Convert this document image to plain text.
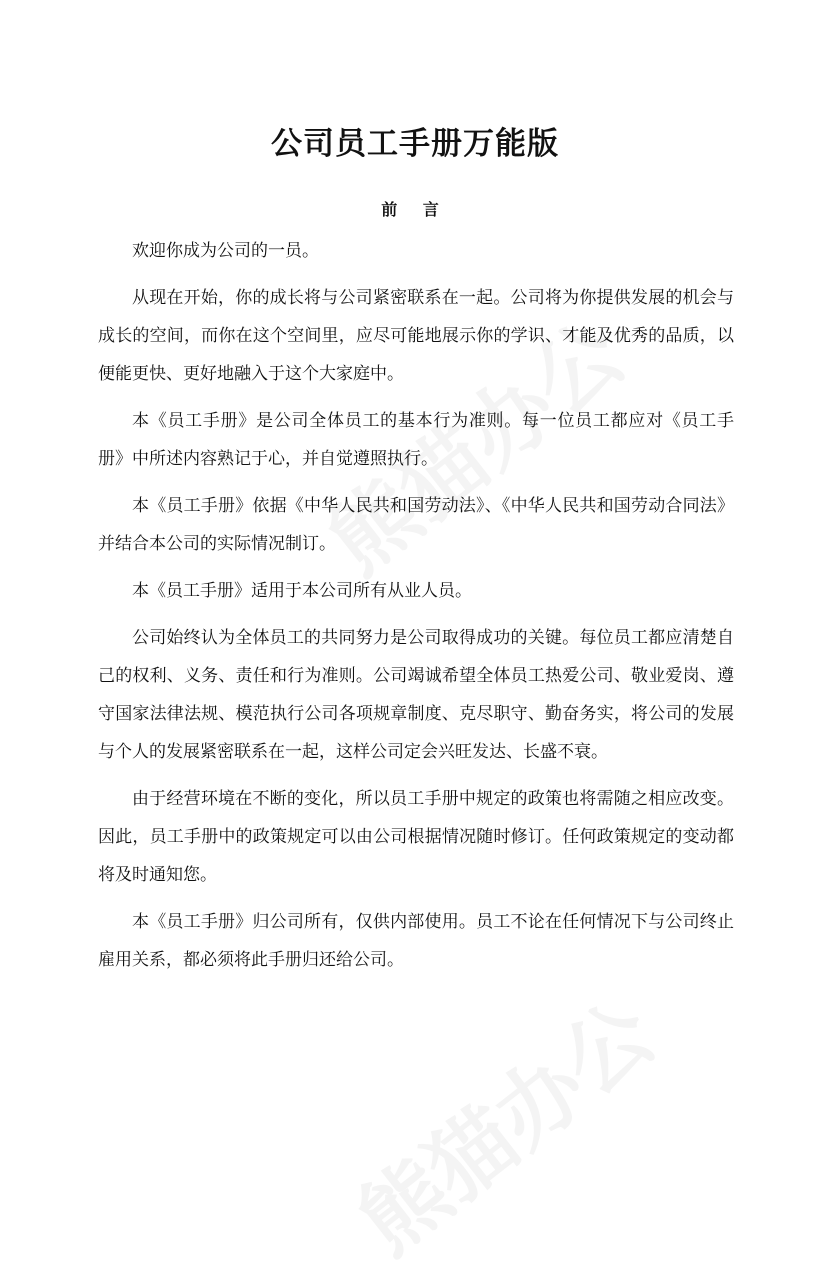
公司员工手册万能版
前 言

欢迎你成为公司的一员。

从现在开始，你的成长将与公司紧密联系在一起。公司将为你提供发展的机会与成长的空间，而你在这个空间里，应尽可能地展示你的学识、才能及优秀的品质，以便能更快、更好地融入于这个大家庭中。

本《员工手册》是公司全体员工的基本行为准则。每一位员工都应对《员工手册》中所述内容熟记于心，并自觉遵照执行。

本《员工手册》依据《中华人民共和国劳动法》、《中华人民共和国劳动合同法》并结合本公司的实际情况制订。

本《员工手册》适用于本公司所有从业人员。

公司始终认为全体员工的共同努力是公司取得成功的关键。每位员工都应清楚自己的权利、义务、责任和行为准则。公司竭诚希望全体员工热爱公司、敬业爱岗、遵守国家法律法规、模范执行公司各项规章制度、克尽职守、勤奋务实，将公司的发展与个人的发展紧密联系在一起，这样公司定会兴旺发达、长盛不衰。

由于经营环境在不断的变化，所以员工手册中规定的政策也将需随之相应改变。因此，员工手册中的政策规定可以由公司根据情况随时修订。任何政策规定的变动都将及时通知您。

本《员工手册》归公司所有，仅供内部使用。员工不论在任何情况下与公司终止雇用关系，都必须将此手册归还给公司。
